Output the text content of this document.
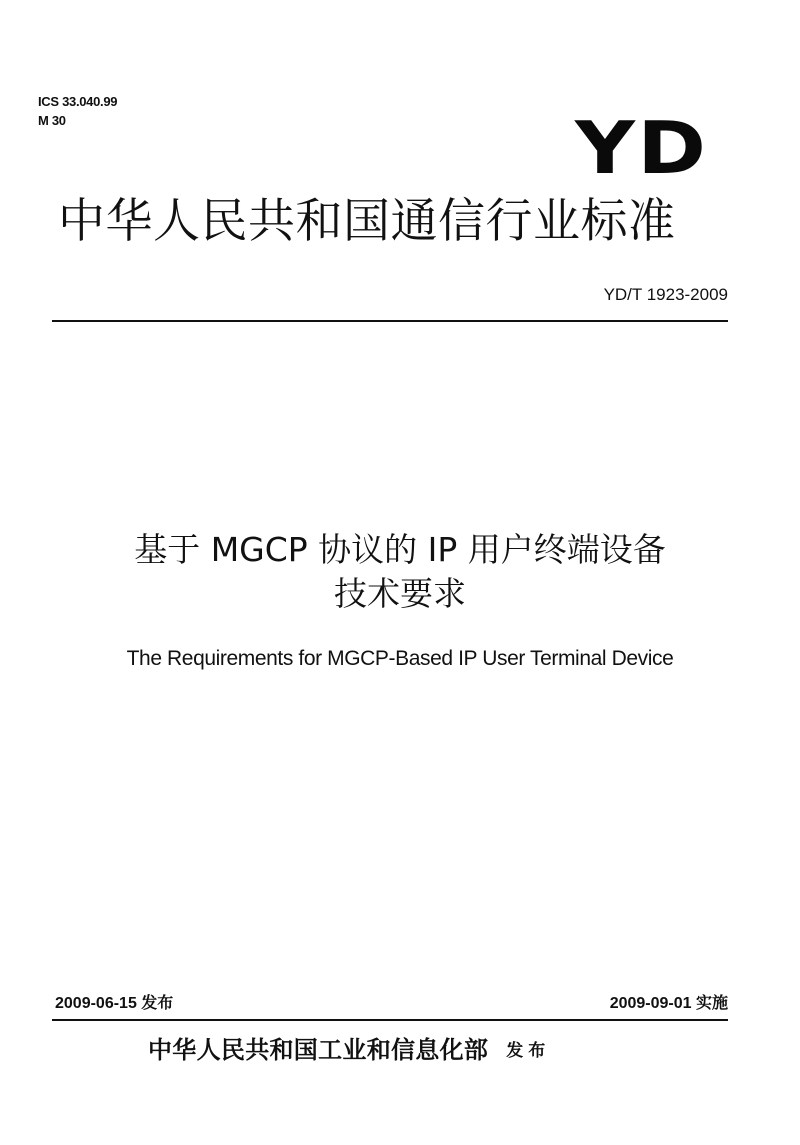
ICS 33.040.99
M 30	YD
中华人民共和国通信行业标准
YD/T 1923-2009
基于 MGCP 协议的 IP 用户终端设备
技术要求
The Requirements for MGCP-Based IP User Terminal Device
2009-06-15 发布	2009-09-01 实施
中华人民共和国工业和信息化部 发布
